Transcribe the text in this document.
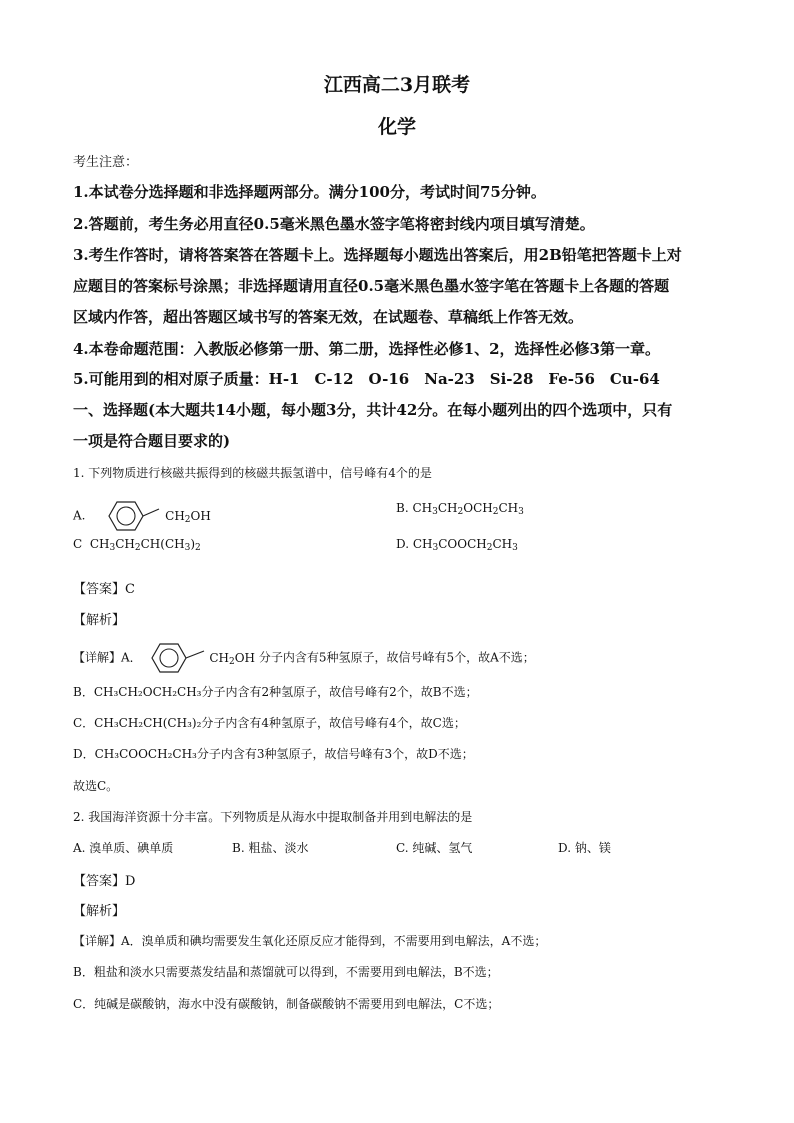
江西高二3月联考
化学
考生注意：
1.本试卷分选择题和非选择题两部分。满分100分，考试时间75分钟。
2.答题前，考生务必用直径0.5毫米黑色墨水签字笔将密封线内项目填写清楚。
3.考生作答时，请将答案答在答题卡上。选择题每小题选出答案后，用2B铅笔把答题卡上对
应题目的答案标号涂黑；非选择题请用直径0.5毫米黑色墨水签字笔在答题卡上各题的答题
区域内作答，超出答题区域书写的答案无效，在试题卷、草稿纸上作答无效。
4.本卷命题范围：入教版必修第一册、第二册，选择性必修1、2，选择性必修3第一章。
5.可能用到的相对原子质量：H-1　C-12　O-16　Na-23　Si-28　Fe-56　Cu-64
一、选择题(本大题共14小题，每小题3分，共计42分。在每小题列出的四个选项中，只有
一项是符合题目要求的)
1. 下列物质进行核磁共振得到的核磁共振氢谱中，信号峰有4个的是
A.	$CH_2OH$
B. $CH_3CH_2OCH_2CH_3$
C $CH_3CH_2CH(CH_3)_2$	D. $CH_3COOCH_2CH_3$
【答案】C
【解析】
【详解】A．	$CH_2OH$ 分子内含有5种氢原子，故信号峰有5个，故A不选；
B．CH₃CH₂OCH₂CH₃分子内含有2种氢原子，故信号峰有2个，故B不选；
C．CH₃CH₂CH(CH₃)₂分子内含有4种氢原子，故信号峰有4个，故C选；
D．CH₃COOCH₂CH₃分子内含有3种氢原子，故信号峰有3个，故D不选；
故选C。
2. 我国海洋资源十分丰富。下列物质是从海水中提取制备并用到电解法的是
A. 溴单质、碘单质	B. 粗盐、淡水	C. 纯碱、氢气	D. 钠、镁
【答案】D
【解析】
【详解】A．溴单质和碘均需要发生氧化还原反应才能得到，不需要用到电解法，A不选；
B．粗盐和淡水只需要蒸发结晶和蒸馏就可以得到，不需要用到电解法，B不选；
C．纯碱是碳酸钠，海水中没有碳酸钠，制备碳酸钠不需要用到电解法，C不选；
